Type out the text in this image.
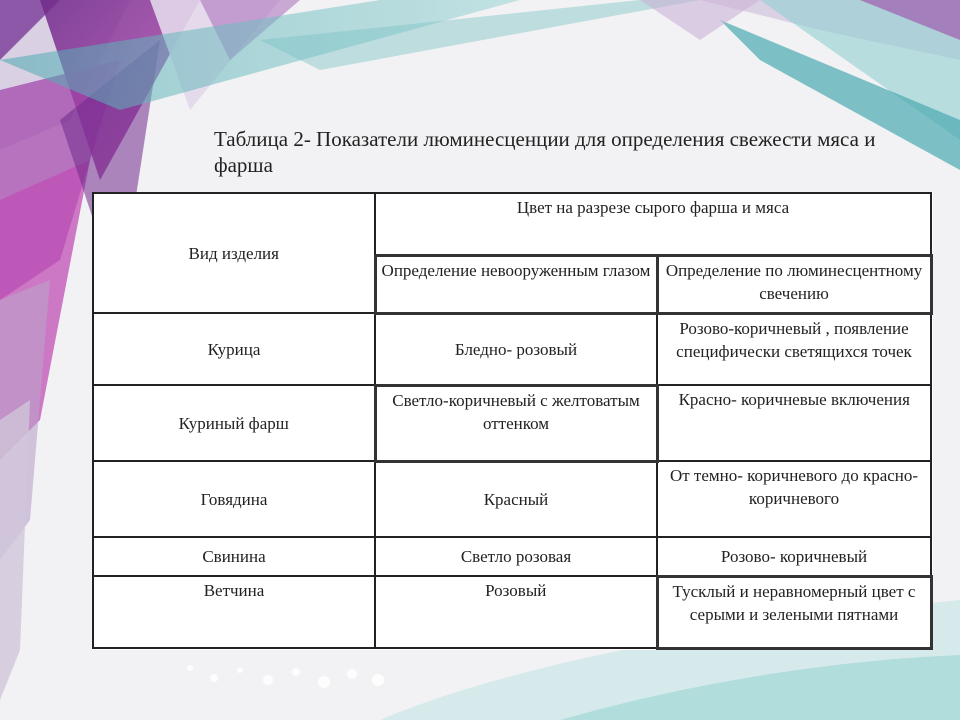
Таблица 2- Показатели люминесценции для определения свежести мяса и фарша
Вид изделия	Цвет на разрезе сырого фарша и мяса	
	Определение невооруженным глазом	Определение по люминесцентному свечению
Курица	Бледно- розовый	Розово-коричневый , появление специфически светящихся точек
Куриный фарш	Светло-коричневый с желтоватым оттенком	Красно- коричневые включения
Говядина	Красный	От темно- коричневого до красно- коричневого
Свинина	Светло розовая	Розово- коричневый
Ветчина	Розовый	Тусклый и неравномерный цвет с серыми и зелеными пятнами
